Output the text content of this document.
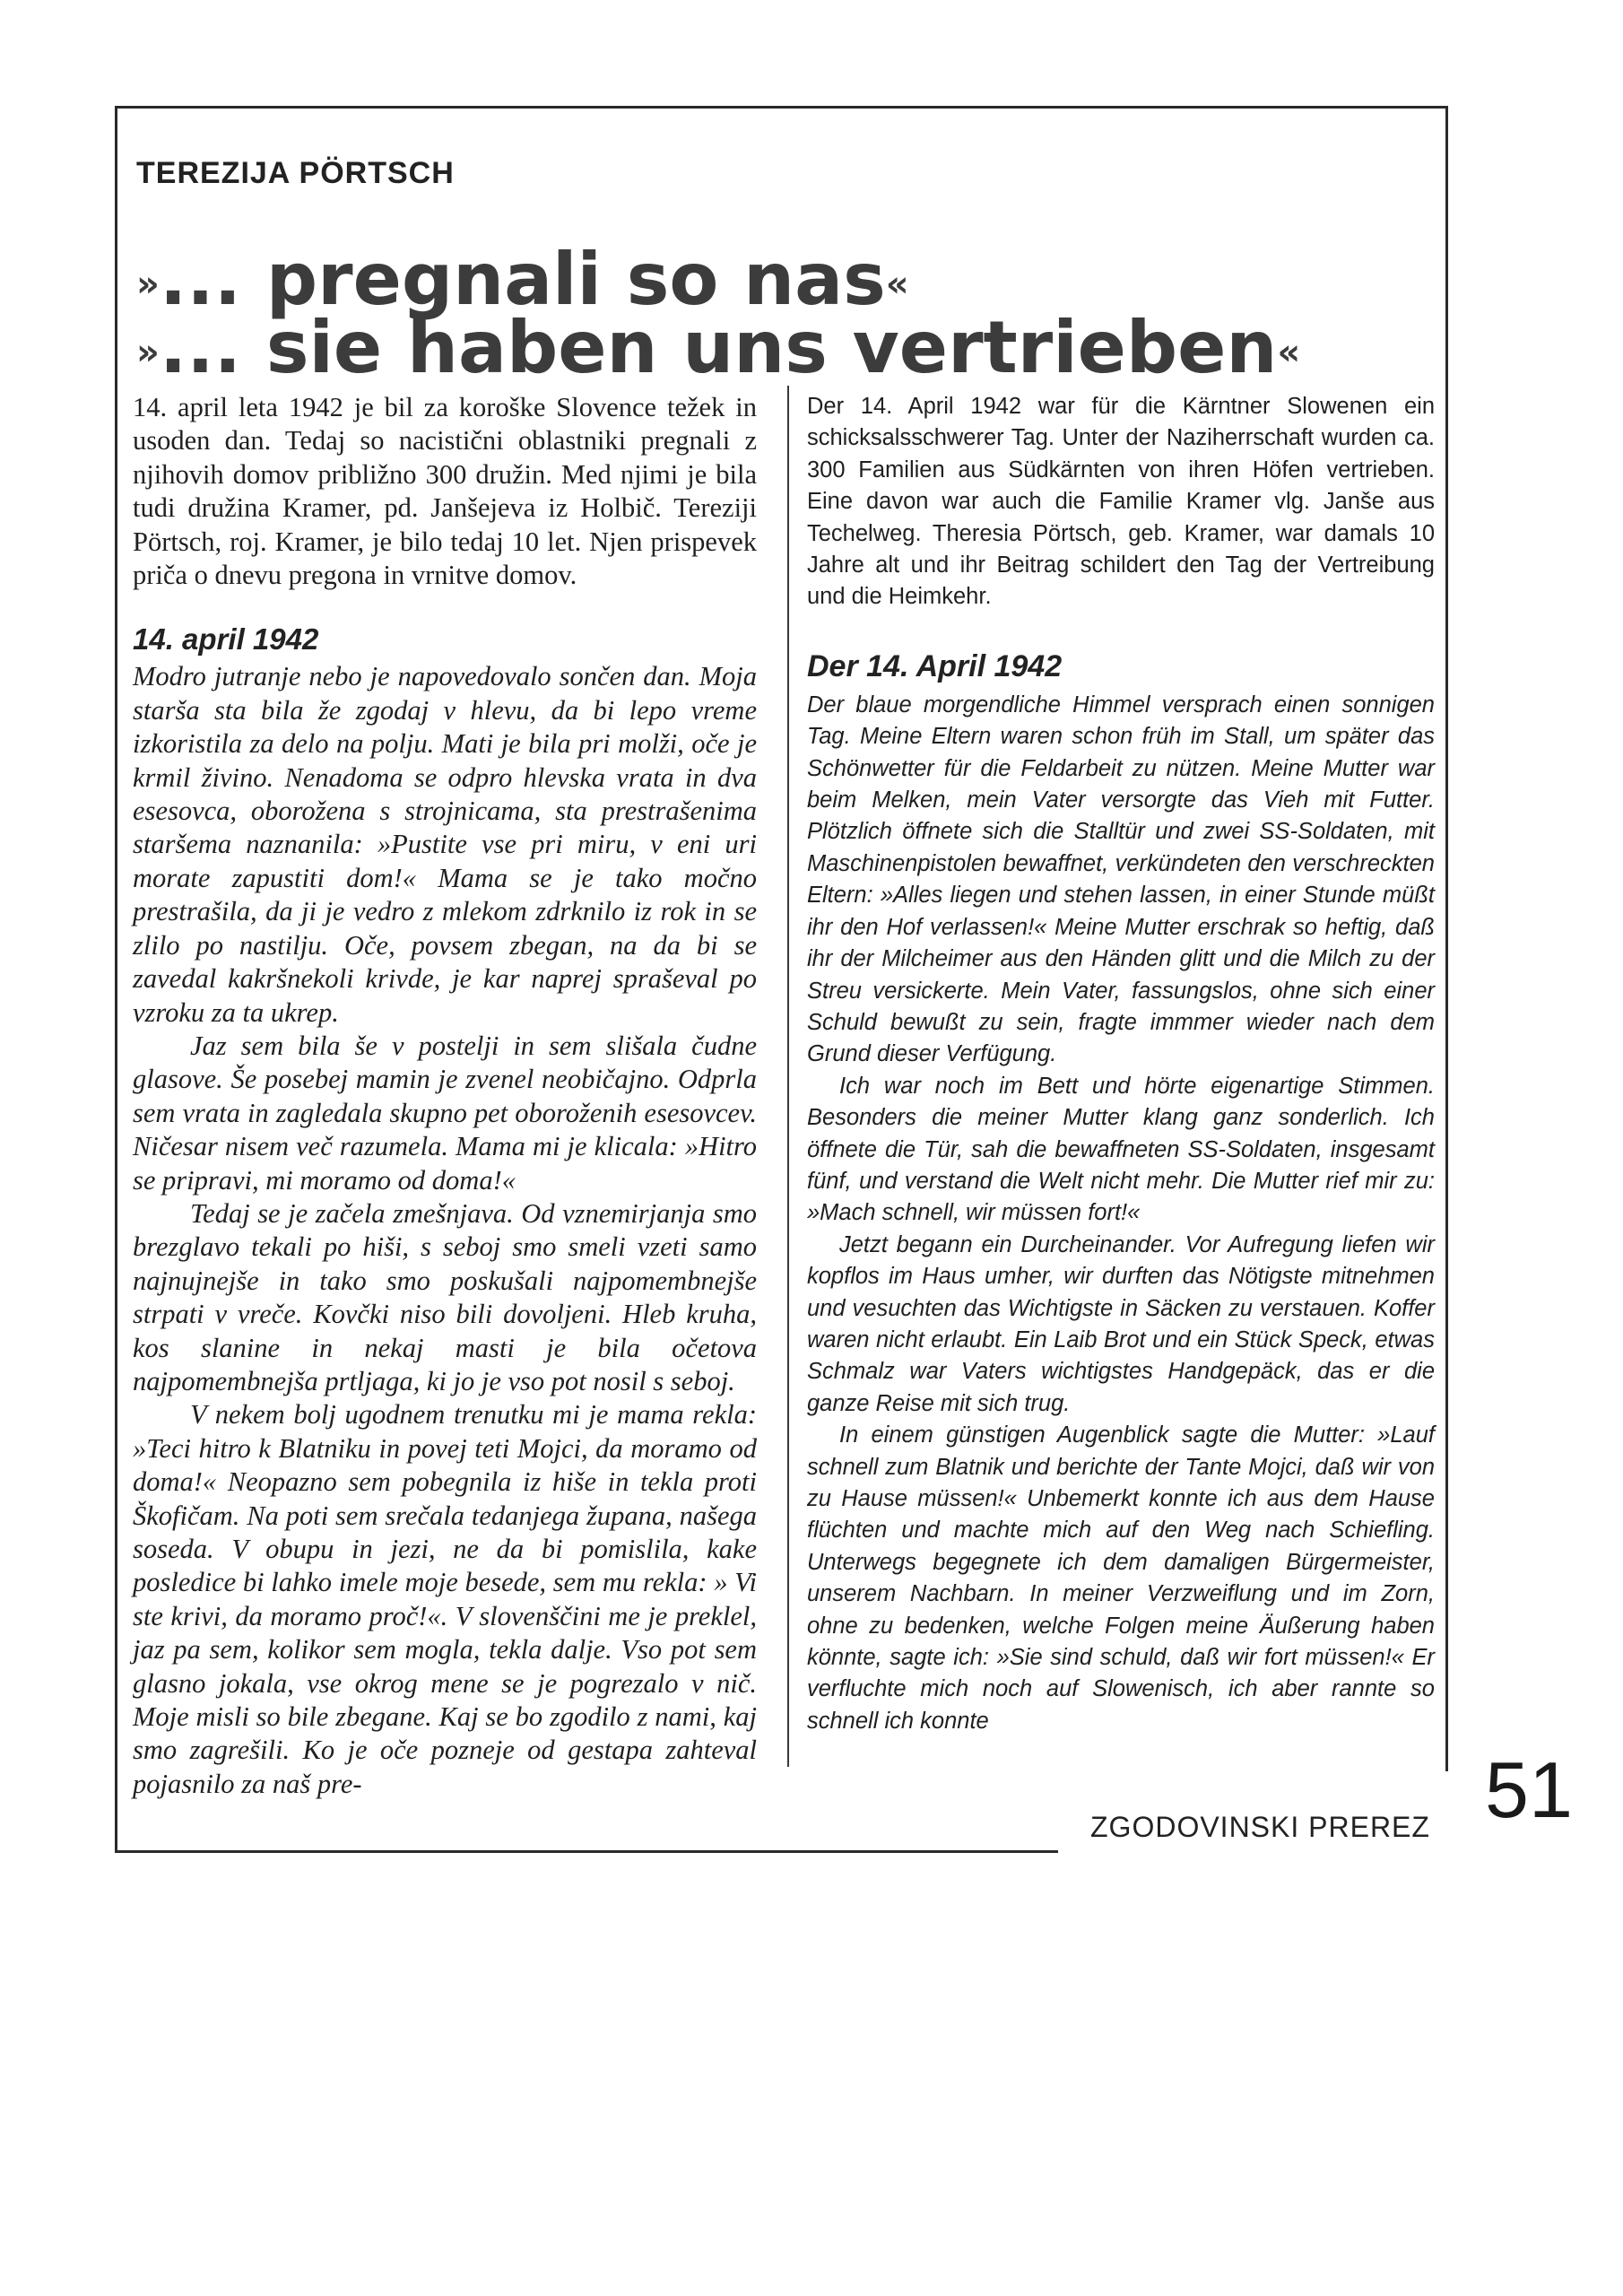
TEREZIJA PÖRTSCH
»... pregnali so nas«
»... sie haben uns vertrieben«

14. april leta 1942 je bil za koroške Slovence težek in usoden dan. Tedaj so nacistični oblastniki pregnali z njihovih domov približno 300 družin. Med njimi je bila tudi družina Kramer, pd. Janšejeva iz Holbič. Tereziji Pörtsch, roj. Kramer, je bilo tedaj 10 let. Njen prispevek priča o dnevu pregona in vrnitve domov.

14. april 1942

Modro jutranje nebo je napovedovalo sončen dan. Moja starša sta bila že zgodaj v hlevu, da bi lepo vreme izkoristila za delo na polju. Mati je bila pri molži, oče je krmil živino. Nenadoma se odpro hlevska vrata in dva esesovca, oborožena s strojnicama, sta prestrašenima staršema naznanila: »Pustite vse pri miru, v eni uri morate zapustiti dom!« Mama se je tako močno prestrašila, da ji je vedro z mlekom zdrknilo iz rok in se zlilo po nastilju. Oče, povsem zbegan, na da bi se zavedal kakršnekoli krivde, je kar naprej spraševal po vzroku za ta ukrep.

Jaz sem bila še v postelji in sem slišala čudne glasove. Še posebej mamin je zvenel neobičajno. Odprla sem vrata in zagledala skupno pet oboroženih esesovcev. Ničesar nisem več razumela. Mama mi je klicala: »Hitro se pripravi, mi moramo od doma!«

Tedaj se je začela zmešnjava. Od vznemirjanja smo brezglavo tekali po hiši, s seboj smo smeli vzeti samo najnujnejše in tako smo poskušali najpomembnejše strpati v vreče. Kovčki niso bili dovoljeni. Hleb kruha, kos slanine in nekaj masti je bila očetova najpomembnejša prtljaga, ki jo je vso pot nosil s seboj.

V nekem bolj ugodnem trenutku mi je mama rekla: »Teci hitro k Blatniku in povej teti Mojci, da moramo od doma!« Neopazno sem pobegnila iz hiše in tekla proti Škofičam. Na poti sem srečala tedanjega župana, našega soseda. V obupu in jezi, ne da bi pomislila, kake posledice bi lahko imele moje besede, sem mu rekla: » Vi ste krivi, da moramo proč!«. V slovenščini me je preklel, jaz pa sem, kolikor sem mogla, tekla dalje. Vso pot sem glasno jokala, vse okrog mene se je pogrezalo v nič. Moje misli so bile zbegane. Kaj se bo zgodilo z nami, kaj smo zagrešili. Ko je oče pozneje od gestapa zahteval pojasnilo za naš pre-

Der 14. April 1942 war für die Kärntner Slowenen ein schicksalsschwerer Tag. Unter der Naziherrschaft wurden ca. 300 Familien aus Südkärnten von ihren Höfen vertrieben. Eine davon war auch die Familie Kramer vlg. Janše aus Techelweg. Theresia Pörtsch, geb. Kramer, war damals 10 Jahre alt und ihr Beitrag schildert den Tag der Vertreibung und die Heimkehr.

Der 14. April 1942

Der blaue morgendliche Himmel versprach einen sonnigen Tag. Meine Eltern waren schon früh im Stall, um später das Schönwetter für die Feldarbeit zu nützen. Meine Mutter war beim Melken, mein Vater versorgte das Vieh mit Futter. Plötzlich öffnete sich die Stalltür und zwei SS-Soldaten, mit Maschinenpistolen bewaffnet, verkündeten den verschreckten Eltern: »Alles liegen und stehen lassen, in einer Stunde müßt ihr den Hof verlassen!« Meine Mutter erschrak so heftig, daß ihr der Milcheimer aus den Händen glitt und die Milch zu der Streu versickerte. Mein Vater, fassungslos, ohne sich einer Schuld bewußt zu sein, fragte immmer wieder nach dem Grund dieser Verfügung.

Ich war noch im Bett und hörte eigenartige Stimmen. Besonders die meiner Mutter klang ganz sonderlich. Ich öffnete die Tür, sah die bewaffneten SS-Soldaten, insgesamt fünf, und verstand die Welt nicht mehr. Die Mutter rief mir zu: »Mach schnell, wir müssen fort!«

Jetzt begann ein Durcheinander. Vor Aufregung liefen wir kopflos im Haus umher, wir durften das Nötigste mitnehmen und vesuchten das Wichtigste in Säcken zu verstauen. Koffer waren nicht erlaubt. Ein Laib Brot und ein Stück Speck, etwas Schmalz war Vaters wichtigstes Handgepäck, das er die ganze Reise mit sich trug.

In einem günstigen Augenblick sagte die Mutter: »Lauf schnell zum Blatnik und berichte der Tante Mojci, daß wir von zu Hause müssen!« Unbemerkt konnte ich aus dem Hause flüchten und machte mich auf den Weg nach Schiefling. Unterwegs begegnete ich dem damaligen Bürgermeister, unserem Nachbarn. In meiner Verzweiflung und im Zorn, ohne zu bedenken, welche Folgen meine Äußerung haben könnte, sagte ich: »Sie sind schuld, daß wir fort müssen!« Er verfluchte mich noch auf Slowenisch, ich aber rannte so schnell ich konnte

ZGODOVINSKI PREREZ 51
